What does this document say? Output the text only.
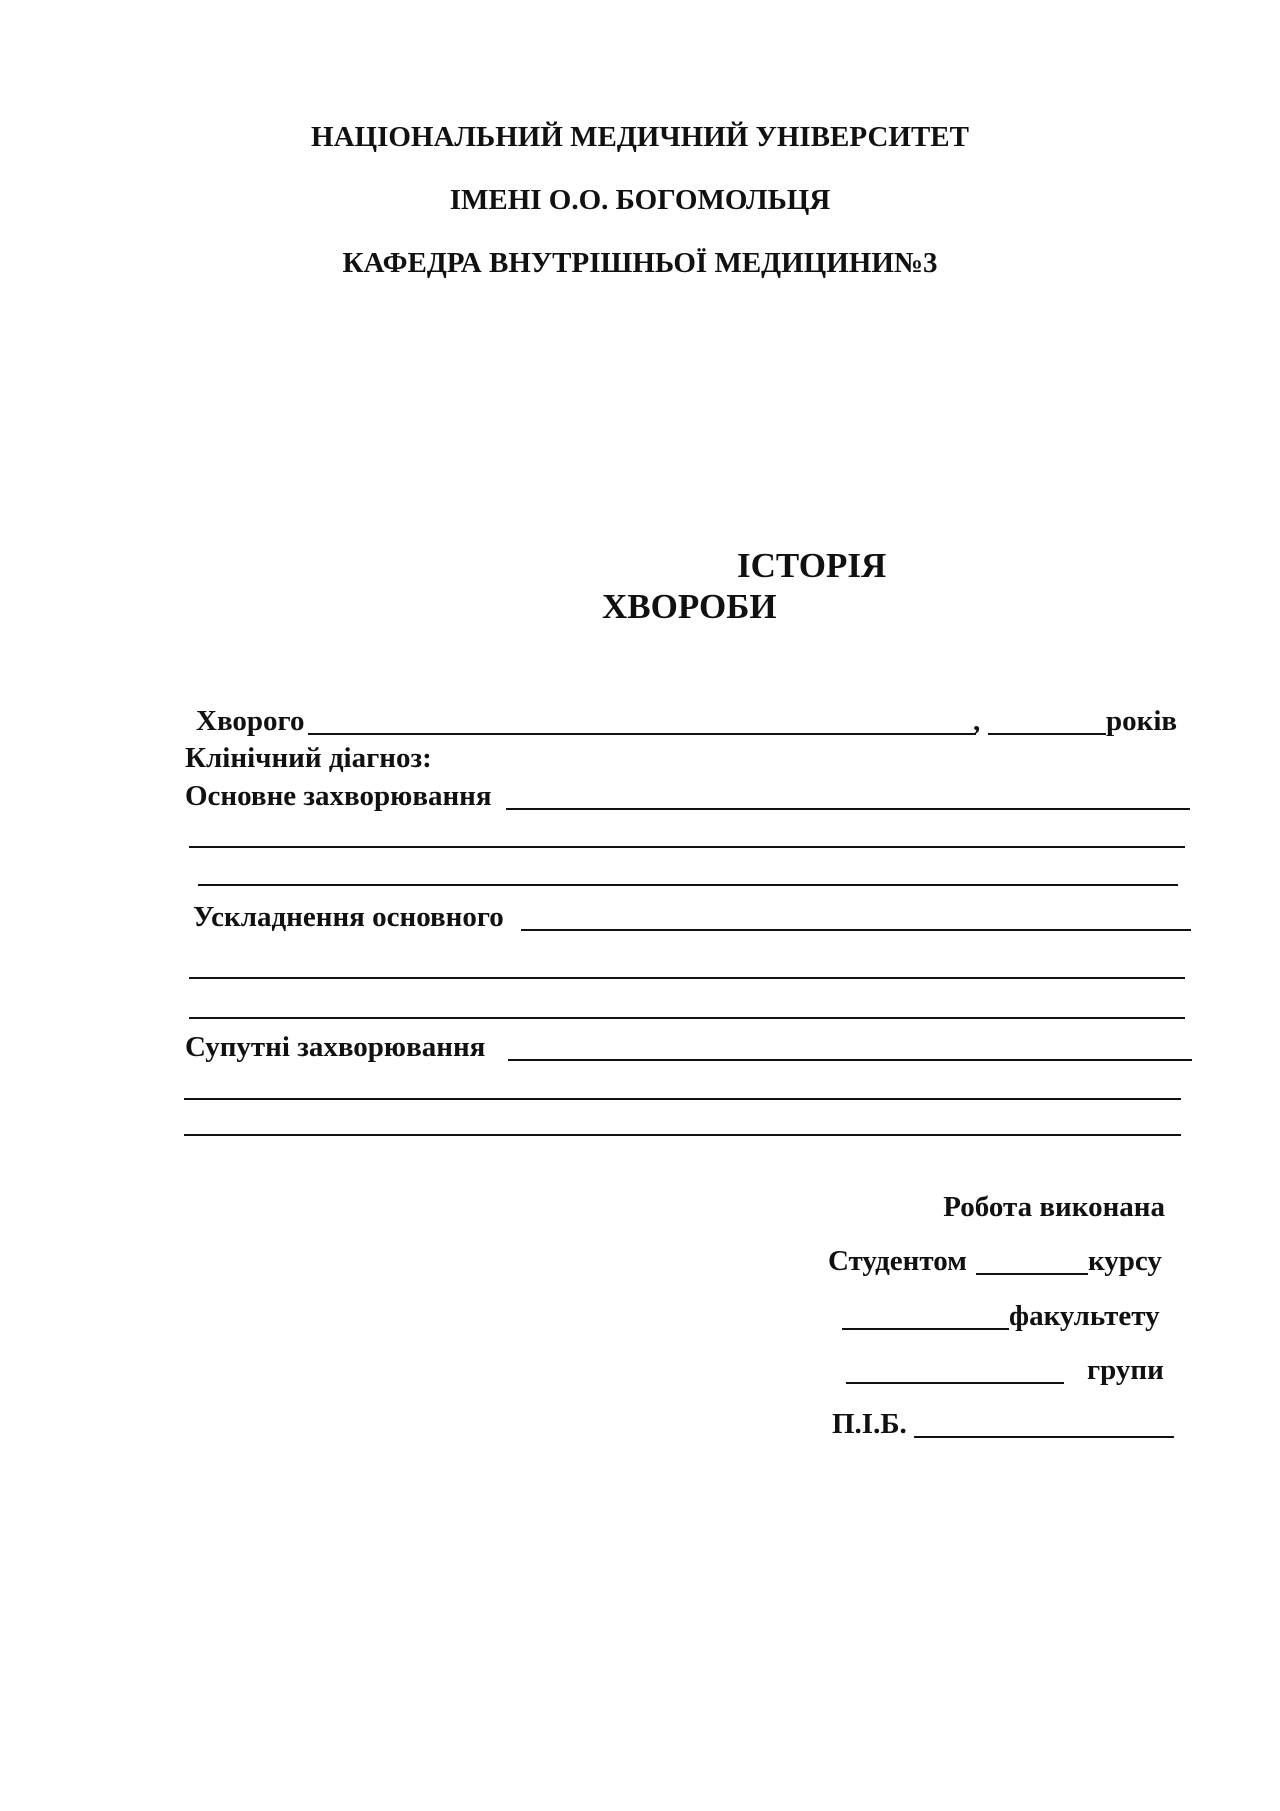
НАЦІОНАЛЬНИЙ МЕДИЧНИЙ УНІВЕРСИТЕТ
ІМЕНІ О.О. БОГОМОЛЬЦЯ
КАФЕДРА ВНУТРІШНЬОЇ МЕДИЦИНИ№3
ІСТОРІЯ
ХВОРОБИ
Хворого	,	років
Клінічний діагноз:
Основне захворювання
Ускладнення основного
Супутні захворювання
Робота виконана
Студентом	курсу
факультету
групи
П.І.Б.
